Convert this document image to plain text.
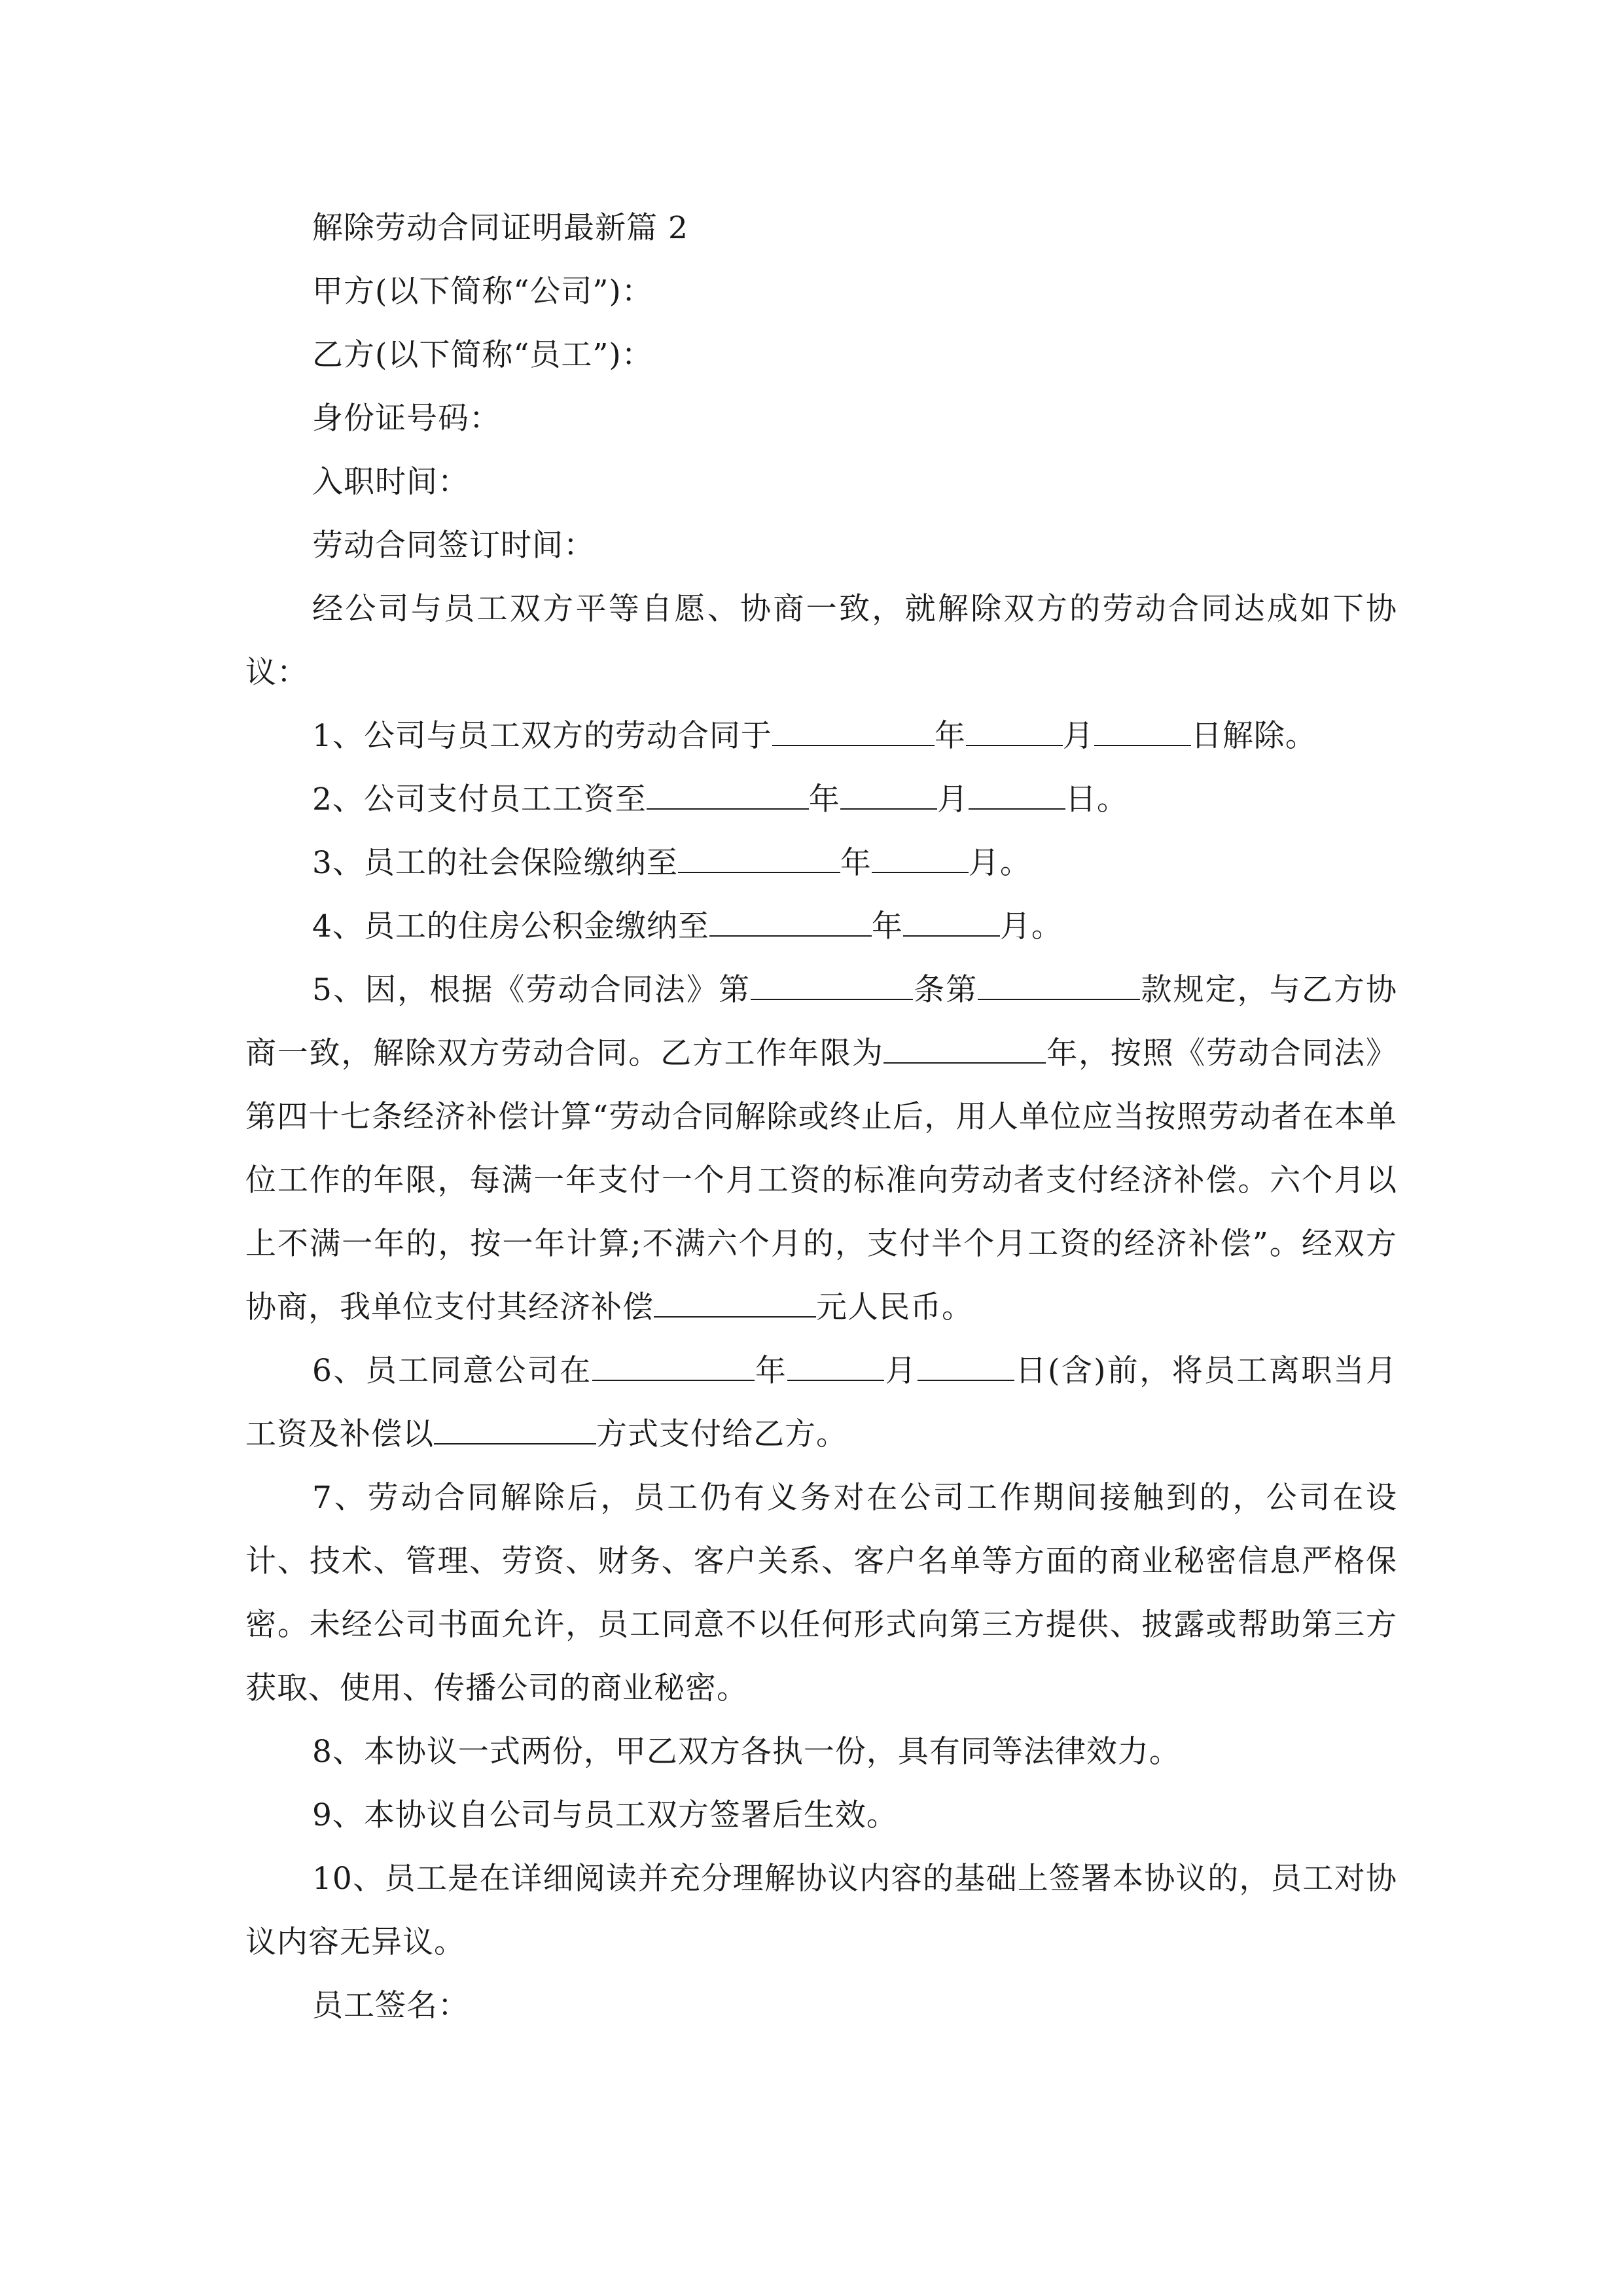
解除劳动合同证明最新篇 2
甲方(以下简称“公司”)：
乙方(以下简称“员工”)：
身份证号码：
入职时间：
劳动合同签订时间：
经公司与员工双方平等自愿、协商一致，就解除双方的劳动合同达成如下协议：
1、公司与员工双方的劳动合同于	年	月	日解除。
2、公司支付员工工资至	年	月	日。
3、员工的社会保险缴纳至	年	月。
4、员工的住房公积金缴纳至	年	月。
5、因，根据《劳动合同法》第	条第	款规定，与乙方协商一致，解除双方劳动合同。乙方工作年限为	年，按照《劳动合同法》第四十七条经济补偿计算“劳动合同解除或终止后，用人单位应当按照劳动者在本单位工作的年限，每满一年支付一个月工资的标准向劳动者支付经济补偿。六个月以上不满一年的，按一年计算;不满六个月的，支付半个月工资的经济补偿”。经双方协商，我单位支付其经济补偿	元人民币。
6、员工同意公司在	年	月	日(含)前，将员工离职当月工资及补偿以	方式支付给乙方。
7、劳动合同解除后，员工仍有义务对在公司工作期间接触到的，公司在设计、技术、管理、劳资、财务、客户关系、客户名单等方面的商业秘密信息严格保密。未经公司书面允许，员工同意不以任何形式向第三方提供、披露或帮助第三方获取、使用、传播公司的商业秘密。
8、本协议一式两份，甲乙双方各执一份，具有同等法律效力。
9、本协议自公司与员工双方签署后生效。
10、员工是在详细阅读并充分理解协议内容的基础上签署本协议的，员工对协议内容无异议。
员工签名：
